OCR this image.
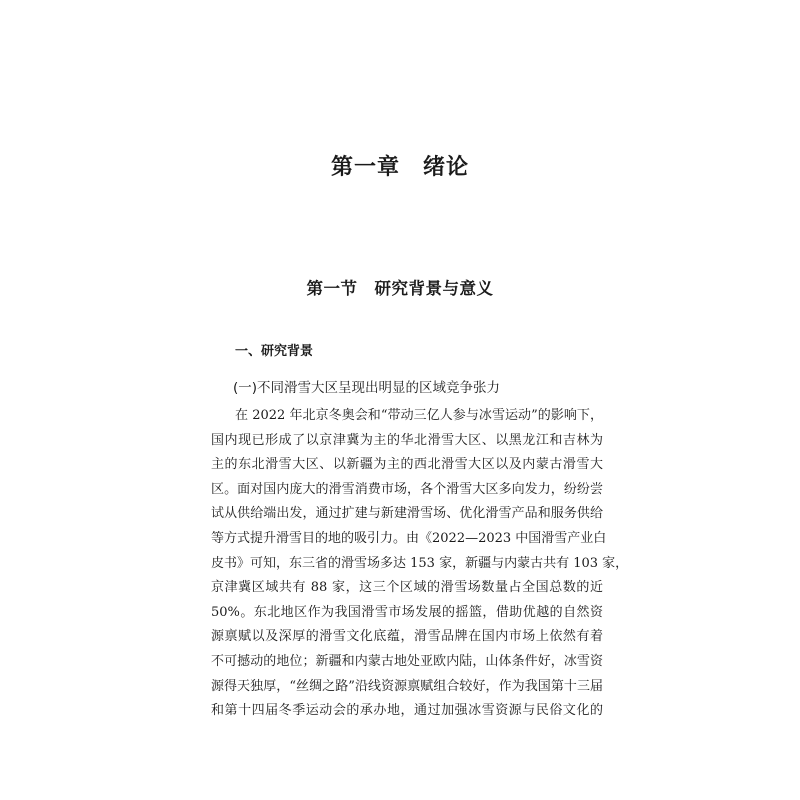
第一章　绪论
第一节　研究背景与意义
一、研究背景
(一)不同滑雪大区呈现出明显的区域竞争张力
在 2022 年北京冬奥会和“带动三亿人参与冰雪运动”的影响下，
国内现已形成了以京津冀为主的华北滑雪大区、以黑龙江和吉林为
主的东北滑雪大区、以新疆为主的西北滑雪大区以及内蒙古滑雪大
区。面对国内庞大的滑雪消费市场，各个滑雪大区多向发力，纷纷尝
试从供给端出发，通过扩建与新建滑雪场、优化滑雪产品和服务供给
等方式提升滑雪目的地的吸引力。由《2022—2023 中国滑雪产业白
皮书》可知，东三省的滑雪场多达 153 家，新疆与内蒙古共有 103 家，
京津冀区域共有 88 家，这三个区域的滑雪场数量占全国总数的近
50%。东北地区作为我国滑雪市场发展的摇篮，借助优越的自然资
源禀赋以及深厚的滑雪文化底蕴，滑雪品牌在国内市场上依然有着
不可撼动的地位；新疆和内蒙古地处亚欧内陆，山体条件好，冰雪资
源得天独厚，“丝绸之路”沿线资源禀赋组合较好，作为我国第十三届
和第十四届冬季运动会的承办地，通过加强冰雪资源与民俗文化的
